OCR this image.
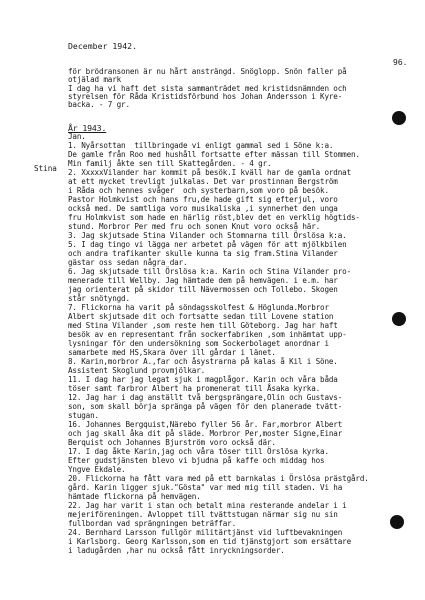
December 1942.
96.
för brödransonen är nu hårt ansträngd. Snöglopp. Snön faller på
otjälad mark
I dag ha vi haft det sista sammanträdet med kristidsnämnden och
styrelsen för Råda Kristidsförbund hos Johan Andersson i Kyre-
backa. - 7 gr.
År 1943.
Jan.
Stina
1. Nyårsottan  tillbringade vi enligt gammal sed i Söne k:a.
De gamle från Roo med hushåll fortsatte efter mässan till Stommen.
Min familj åkte sen till Skattegården. - 4 gr.
2. XxxxxVilander har kommit på besök.I kväll har de gamla ordnat
at ett mycket trevligt julkalas. Det var prostinnan Bergström
i Råda och hennes svåger  och systerbarn,som voro på besök.
Pastor Holmkvist och hans fru,de hade gift sig efterjul, voro
också med. De samtliga voro musikaliska ,i synnerhet den unga
fru Holmkvist som hade en härlig röst,blev det en verklig högtids-
stund. Morbror Per med fru och sonen Knut voro också här.
3. Jag skjutsade Stina Vilander och Stomnarna till Örslösa k:a.
5. I dag tingo vi lägga ner arbetet på vägen för att mjölkbilen
och andra trafikanter skulle kunna ta sig fram.Stina Vilander
gästar oss sedan några dar.
6. Jag skjutsade till Örslösa k:a. Karin och Stina Vilander pro-
menerade till Wellby. Jag hämtade dem på hemvägen. i e.m. har
jag orienterat på skidor till Nävermossen och Tollebo. Skogen
står snötyngd.
7. Flickorna ha varit på söndagsskolfest & Höglunda.Morbror
Albert skjutsade dit och fortsatte sedan till Lovene station
med Stina Vilander ,som reste hem till Göteborg. Jag har haft
besök av en representant från sockerfabriken ,som inhämtat upp-
lysningar för den undersökning som Sockerbolaget anordnar i
samarbete med HS,Skara över ill gårdar i länet.
8. Karin,morbror A.,far och åsystrarna på kalas å Kil i Söne.
Assistent Skoglund provmjölkar.
11. I dag har jag legat sjuk i magplågor. Karin och våra båda
töser samt farbror Albert ha promenerat till Åsaka kyrka.
12. Jag har i dag anställt två bergsprängare,Olin och Gustavs-
son, som skall börja spränga på vägen för den planerade tvätt-
stugan.
16. Johannes Bergquist,Närebo fyller 56 år. Far,morbror Albert
och jag skall åka dit på släde. Morbror Per,moster Signe,Einar
Berquist och Johannes Bjurström voro också där.
17. I dag åkte Karin,jag och våra töser till Örslösa kyrka.
Efter gudstjänsten blevo vi bjudna på kaffe och middag hos
Yngve Ekdale.
20. Flickorna ha fått vara med på ett barnkalas i Örslösa prästgård.
gård. Karin ligger sjuk."Gösta" var med mig till staden. Vi ha
hämtade flickorna på hemvägen.
22. Jag har varit i stan och betalt mina resterande andelar i i
mejeriföreningen. Avloppet till tvättstugan närmar sig nu sin
fullbordan vad sprängningen beträffar.
24. Bernhard Larsson fullgör militärtjänst vid luftbevakningen
i Karlsborg. Georg Karlsson,som en tid tjänstgjort som ersättare
i ladugården ,har nu också fått inryckningsorder.
